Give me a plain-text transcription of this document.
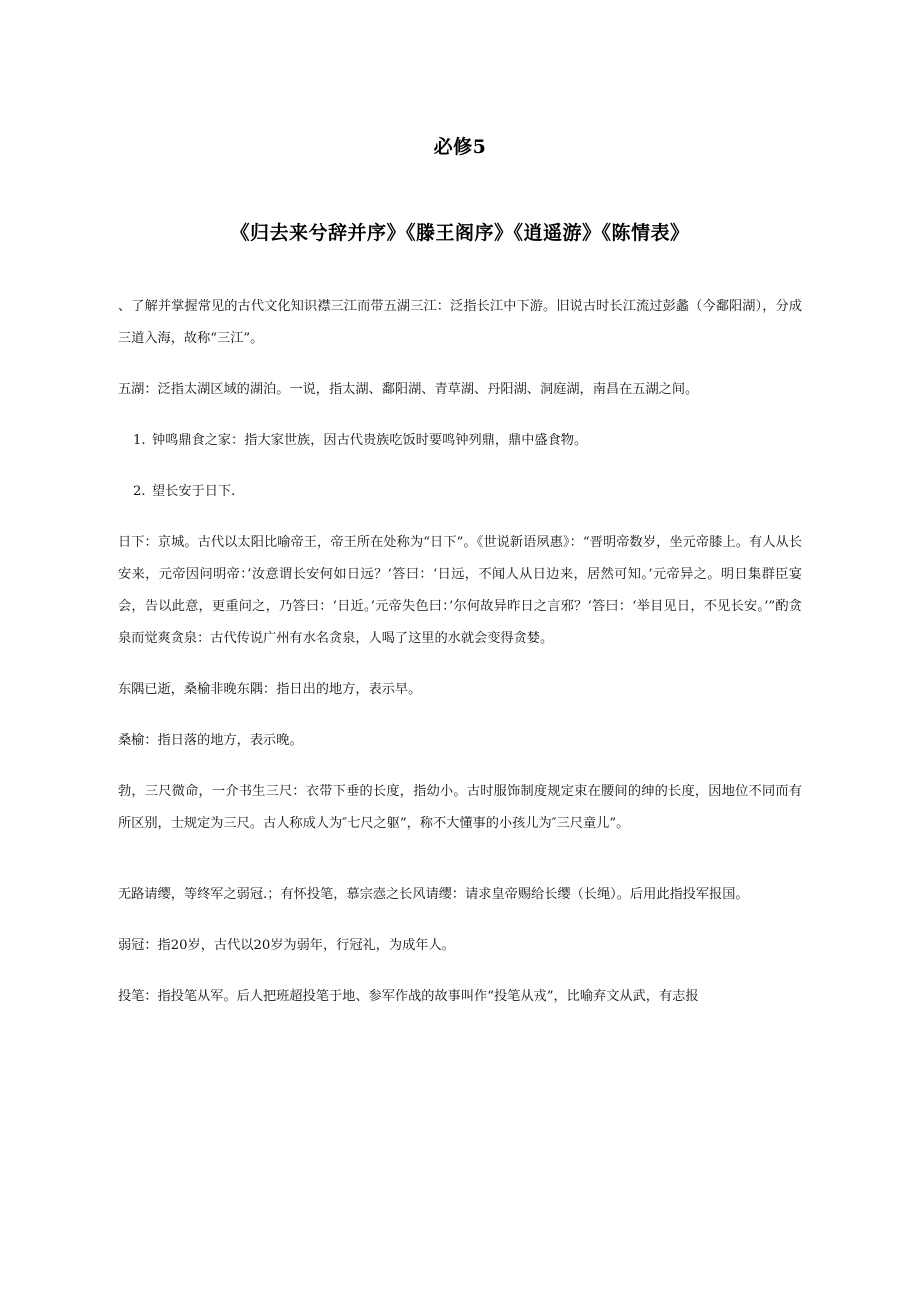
必修5
《归去来兮辞并序》《滕王阁序》《逍遥游》《陈情表》

、了解并掌握常见的古代文化知识襟三江而带五湖三江：泛指长江中下游。旧说古时长江流过彭蠡（今鄱阳湖），分成三道入海，故称“三江”。

五湖：泛指太湖区域的湖泊。一说，指太湖、鄱阳湖、青草湖、丹阳湖、洞庭湖，南昌在五湖之间。

1. 钟鸣鼎食之家：指大家世族，因古代贵族吃饭时要鸣钟列鼎，鼎中盛食物。
2. 望长安于日下.

日下：京城。古代以太阳比喻帝王，帝王所在处称为“日下”。《世说新语夙惠》：“晋明帝数岁，坐元帝膝上。有人从长安来，元帝因问明帝：’汝意谓长安何如日远？’答曰：‘日远，不闻人从日边来，居然可知。’元帝异之。明日集群臣宴会，告以此意，更重问之，乃答曰：‘日近。’元帝失色曰：’尔何故异昨日之言邪？’答曰：‘举目见日，不见长安。’”酌贪泉而觉爽贪泉：古代传说广州有水名贪泉，人喝了这里的水就会变得贪婪。

东隅已逝，桑榆非晚东隅：指日出的地方，表示早。

桑榆：指日落的地方，表示晚。

勃，三尺微命，一介书生三尺：衣带下垂的长度，指幼小。古时服饰制度规定束在腰间的绅的长度，因地位不同而有所区别，士规定为三尺。古人称成人为″七尺之躯”，称不大懂事的小孩儿为″三尺童儿”。

无路请缨，等终军之弱冠.；有怀投笔，慕宗悫之长风请缨：请求皇帝赐给长缨（长绳）。后用此指投军报国。

弱冠：指20岁，古代以20岁为弱年，行冠礼，为成年人。

投笔：指投笔从军。后人把班超投笔于地、参军作战的故事叫作“投笔从戎”，比喻弃文从武，有志报
